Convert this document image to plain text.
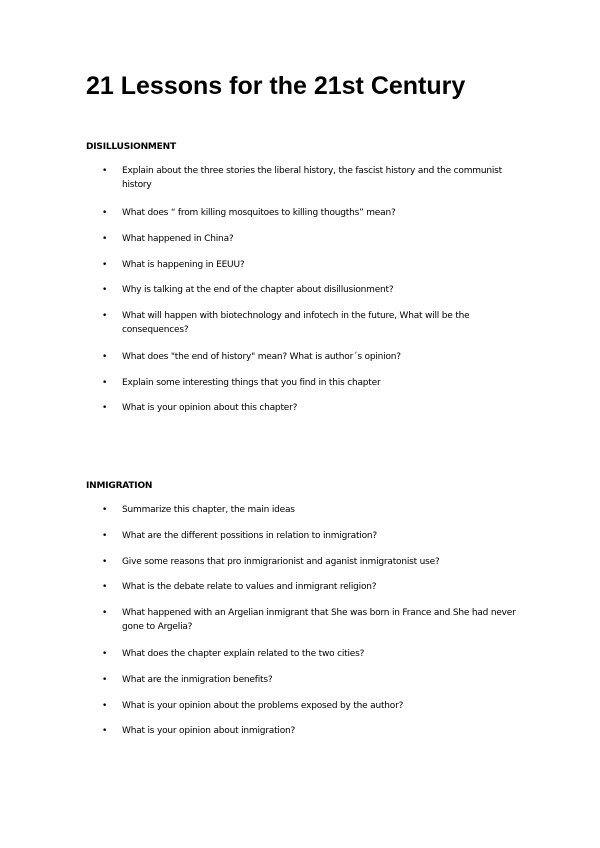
21 Lessons for the 21st Century
DISILLUSIONMENT
• Explain about the three stories the liberal history, the fascist history and the communist history
• What does “ from killing mosquitoes to killing thougths” mean?
• What happened in China?
• What is happening in EEUU?
• Why is talking at the end of the chapter about disillusionment?
• What will happen with biotechnology and infotech in the future, What will be the consequences?
• What does "the end of history" mean? What is author´s opinion?
• Explain some interesting things that you find in this chapter
• What is your opinion about this chapter?
INMIGRATION
• Summarize this chapter, the main ideas
• What are the different possitions in relation to inmigration?
• Give some reasons that pro inmigrarionist and aganist inmigratonist use?
• What is the debate relate to values and inmigrant religion?
• What happened with an Argelian inmigrant that She was born in France and She had never gone to Argelia?
• What does the chapter explain related to the two cities?
• What are the inmigration benefits?
• What is your opinion about the problems exposed by the author?
• What is your opinion about inmigration?
